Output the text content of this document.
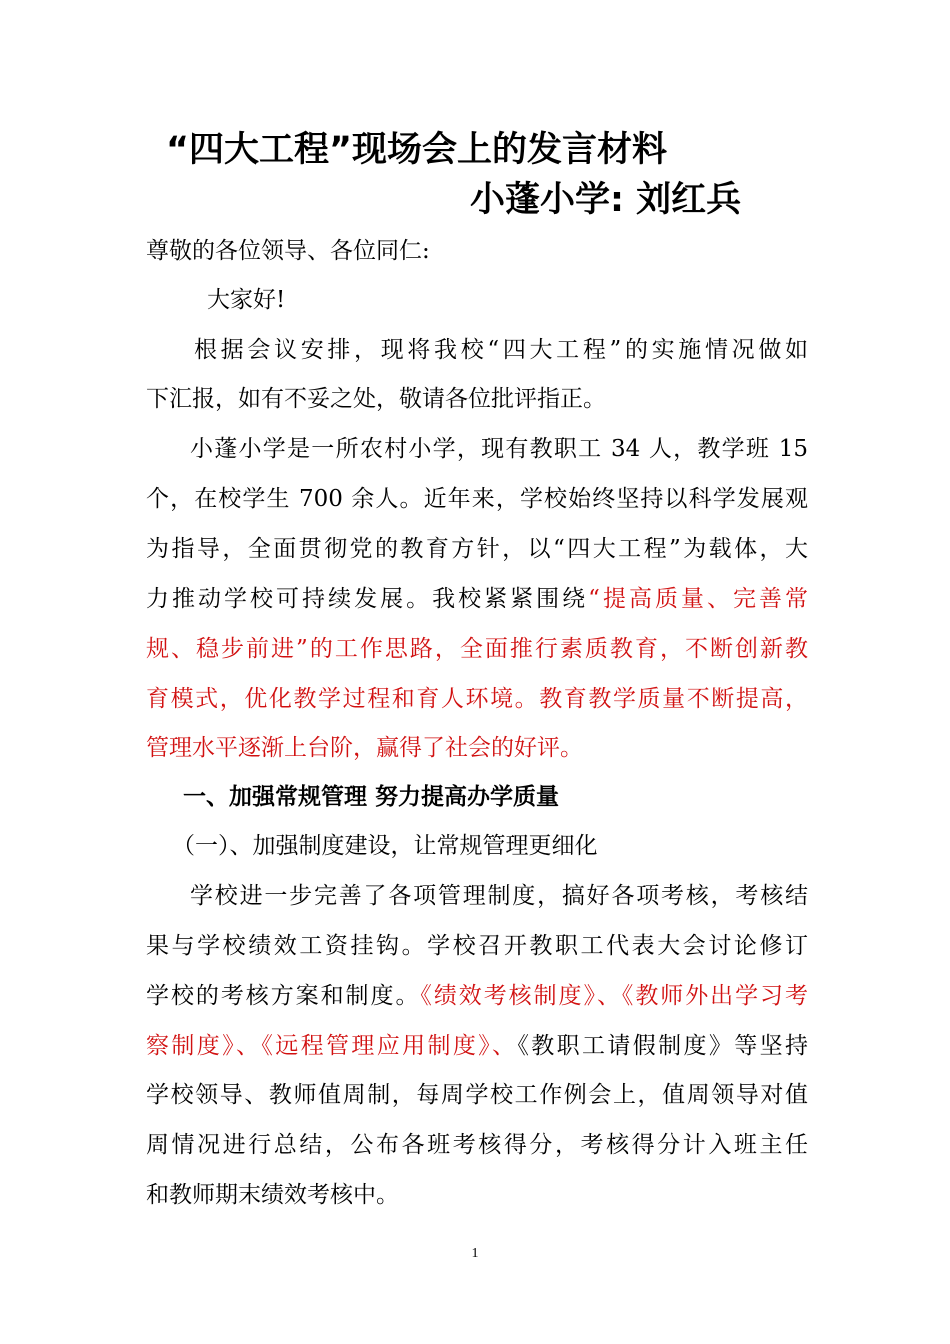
“四大工程”现场会上的发言材料
小蓬小学: 刘红兵
尊敬的各位领导、各位同仁:
大家好!
根据会议安排，现将我校“四大工程”的实施情况做如
下汇报，如有不妥之处，敬请各位批评指正。
小蓬小学是一所农村小学，现有教职工 34 人，教学班 15
个，在校学生 700 余人。近年来，学校始终坚持以科学发展观
为指导，全面贯彻党的教育方针，以“四大工程”为载体，大
力推动学校可持续发展。我校紧紧围绕“提高质量、完善常
规、稳步前进”的工作思路，全面推行素质教育，不断创新教
育模式，优化教学过程和育人环境。教育教学质量不断提高，
管理水平逐渐上台阶，赢得了社会的好评。
一、加强常规管理 努力提高办学质量
（一）、加强制度建设，让常规管理更细化
学校进一步完善了各项管理制度，搞好各项考核，考核结
果与学校绩效工资挂钩。学校召开教职工代表大会讨论修订
学校的考核方案和制度。《绩效考核制度》、《教师外出学习考
察制度》、《远程管理应用制度》、《教职工请假制度》等坚持
学校领导、教师值周制，每周学校工作例会上，值周领导对值
周情况进行总结，公布各班考核得分，考核得分计入班主任
和教师期末绩效考核中。
1
